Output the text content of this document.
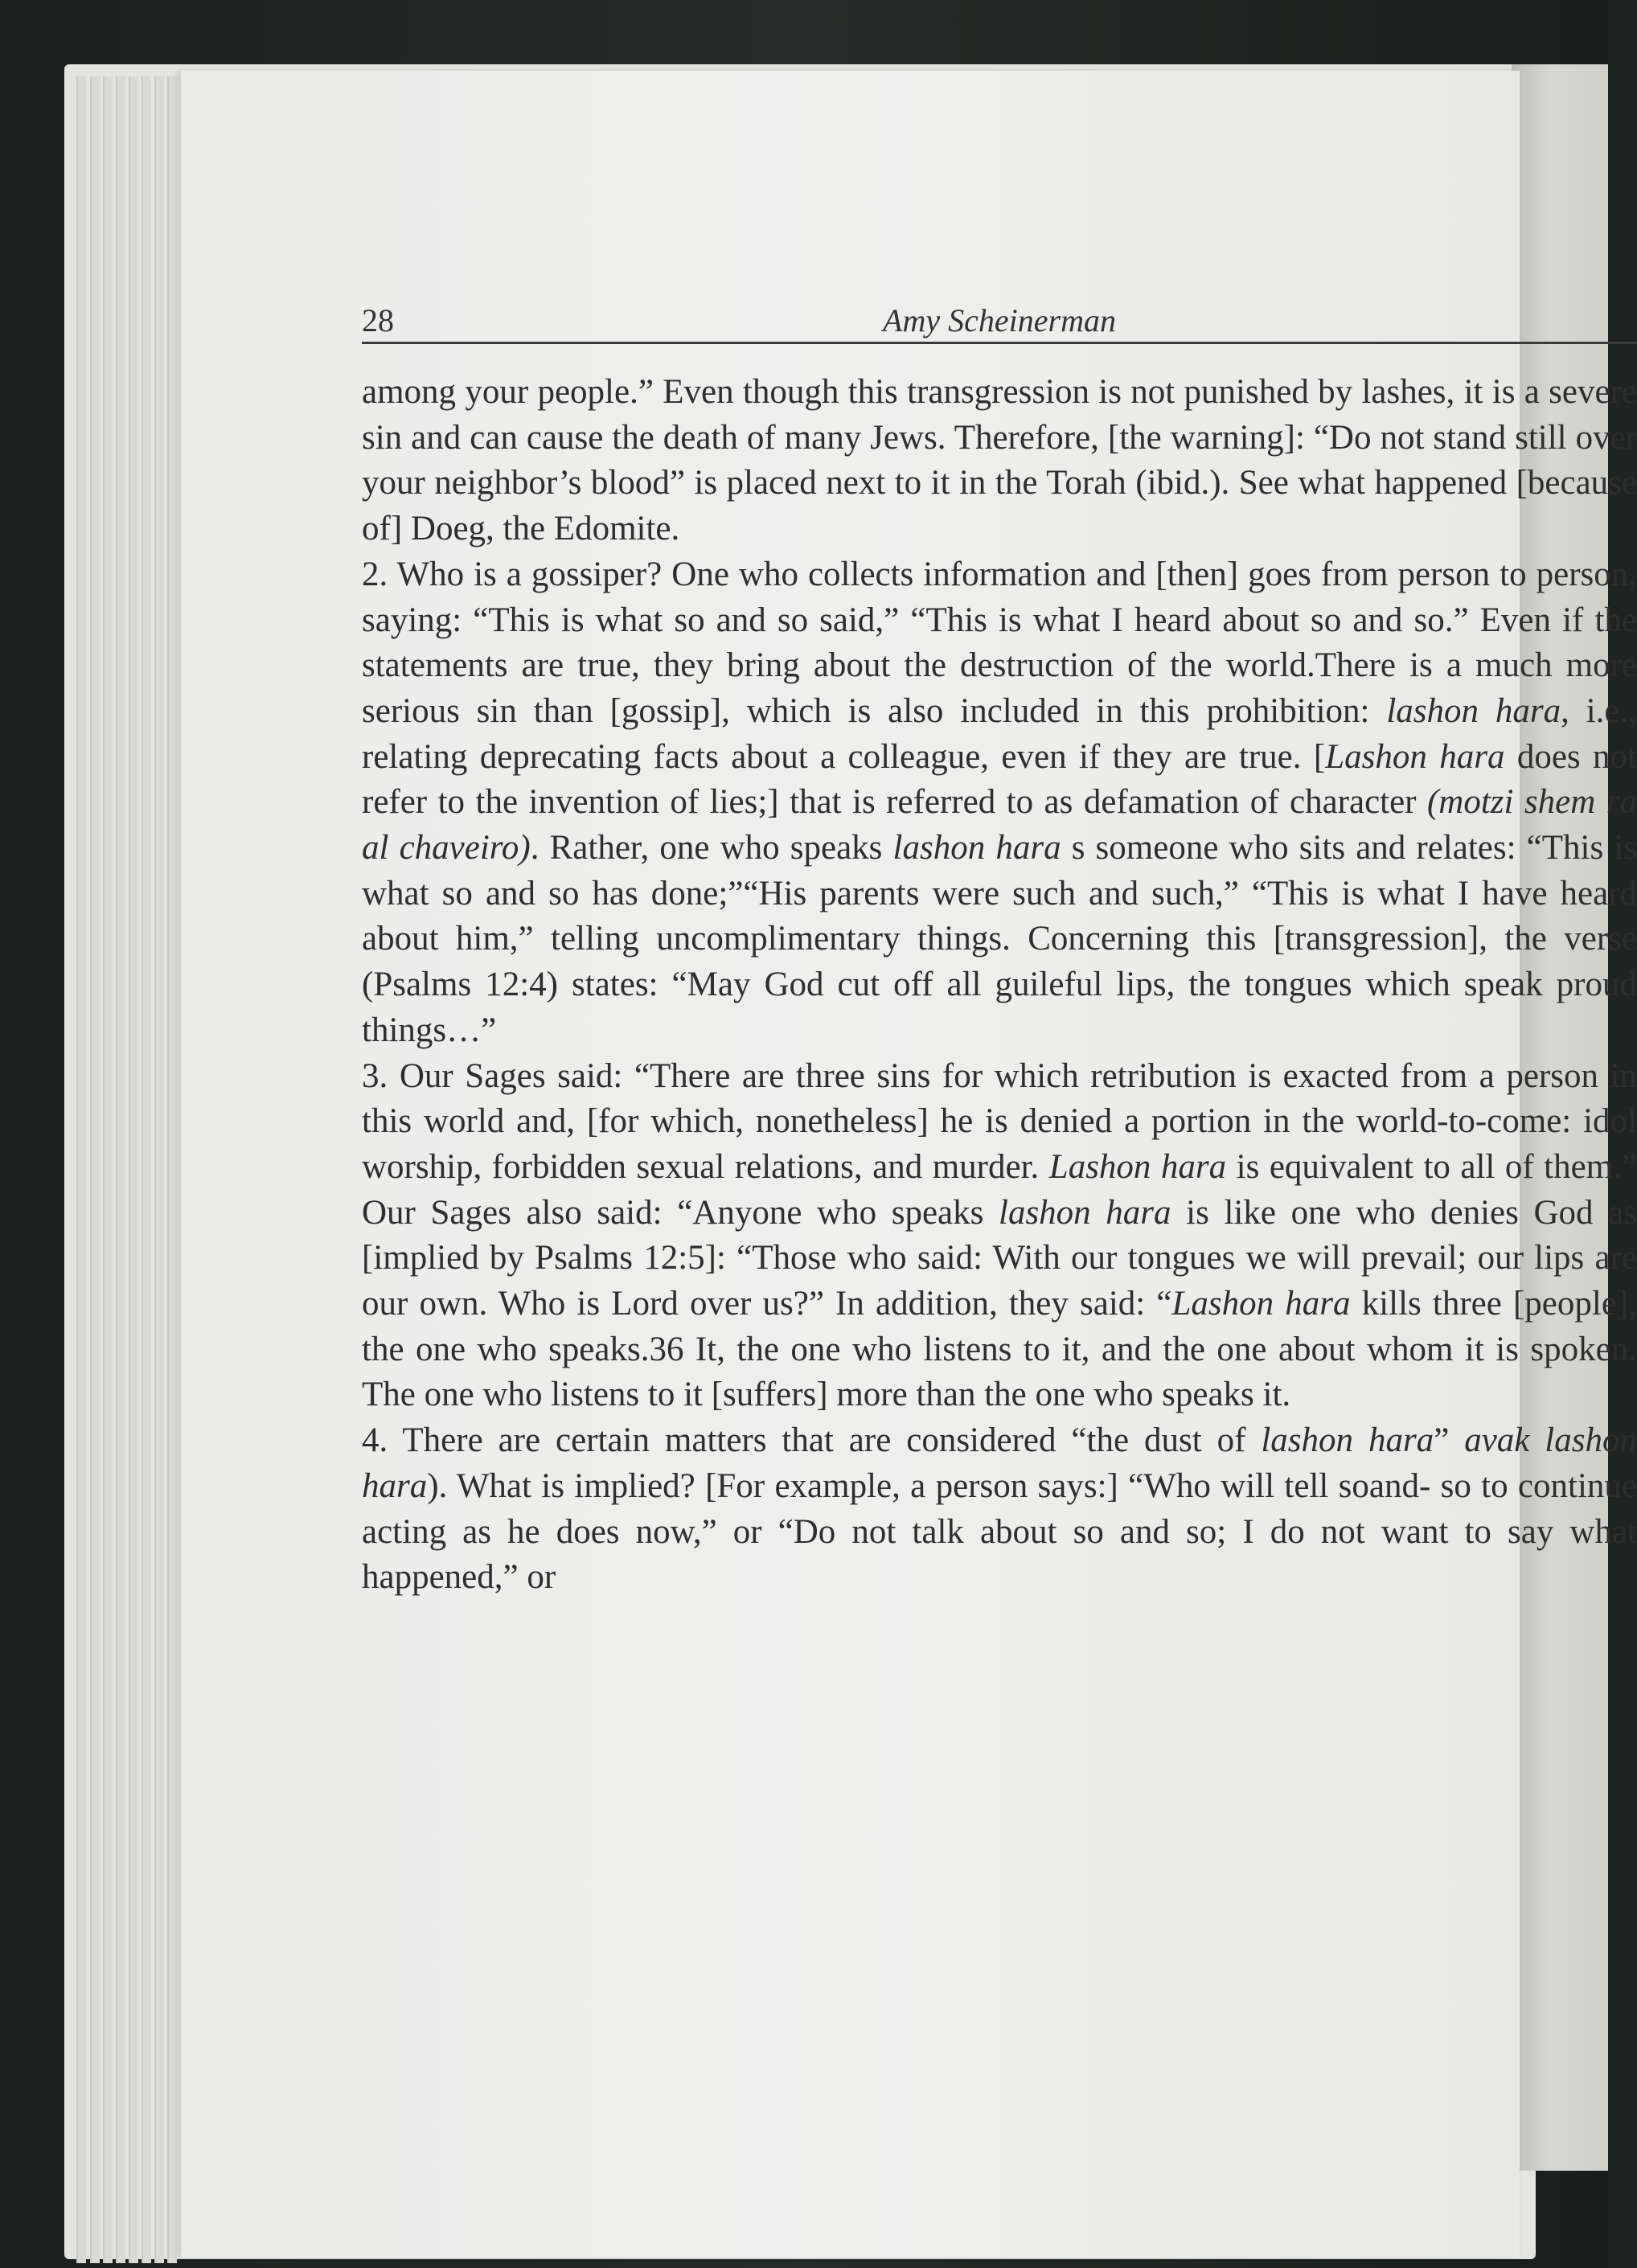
28	Amy Scheinerman

among your people.” Even though this transgression is not punished by lashes, it is a severe sin and can cause the death of many Jews. Therefore, [the warning]: “Do not stand still over your neighbor’s blood” is placed next to it in the Torah (ibid.). See what happened [because of] Doeg, the Edomite.

2. Who is a gossiper? One who collects information and [then] goes from person to person, saying: “This is what so and so said,” “This is what I heard about so and so.” Even if the statements are true, they bring about the destruction of the world.There is a much more serious sin than [gossip], which is also included in this prohibition: lashon hara, i.e., relating deprecating facts about a colleague, even if they are true. [Lashon hara does not refer to the invention of lies;] that is referred to as defamation of character (motzi shem ra al chaveiro). Rather, one who speaks lashon hara s someone who sits and relates: “This is what so and so has done;”“His parents were such and such,” “This is what I have heard about him,” telling uncomplimentary things. Concerning this [transgression], the verse (Psalms 12:4) states: “May God cut off all guileful lips, the tongues which speak proud things…”

3. Our Sages said: “There are three sins for which retribution is exacted from a person in this world and, [for which, nonetheless] he is denied a portion in the world-to-come: idol worship, forbidden sexual relations, and murder. Lashon hara is equivalent to all of them.” Our Sages also said: “Anyone who speaks lashon hara is like one who denies God as [implied by Psalms 12:5]: “Those who said: With our tongues we will prevail; our lips are our own. Who is Lord over us?” In addition, they said: “Lashon hara kills three [people], the one who speaks.36 It, the one who listens to it, and the one about whom it is spoken. The one who listens to it [suffers] more than the one who speaks it.

4. There are certain matters that are considered “the dust of lashon hara” avak lashon hara). What is implied? [For example, a person says:] “Who will tell soand- so to continue acting as he does now,” or “Do not talk about so and so; I do not want to say what happened,” or
